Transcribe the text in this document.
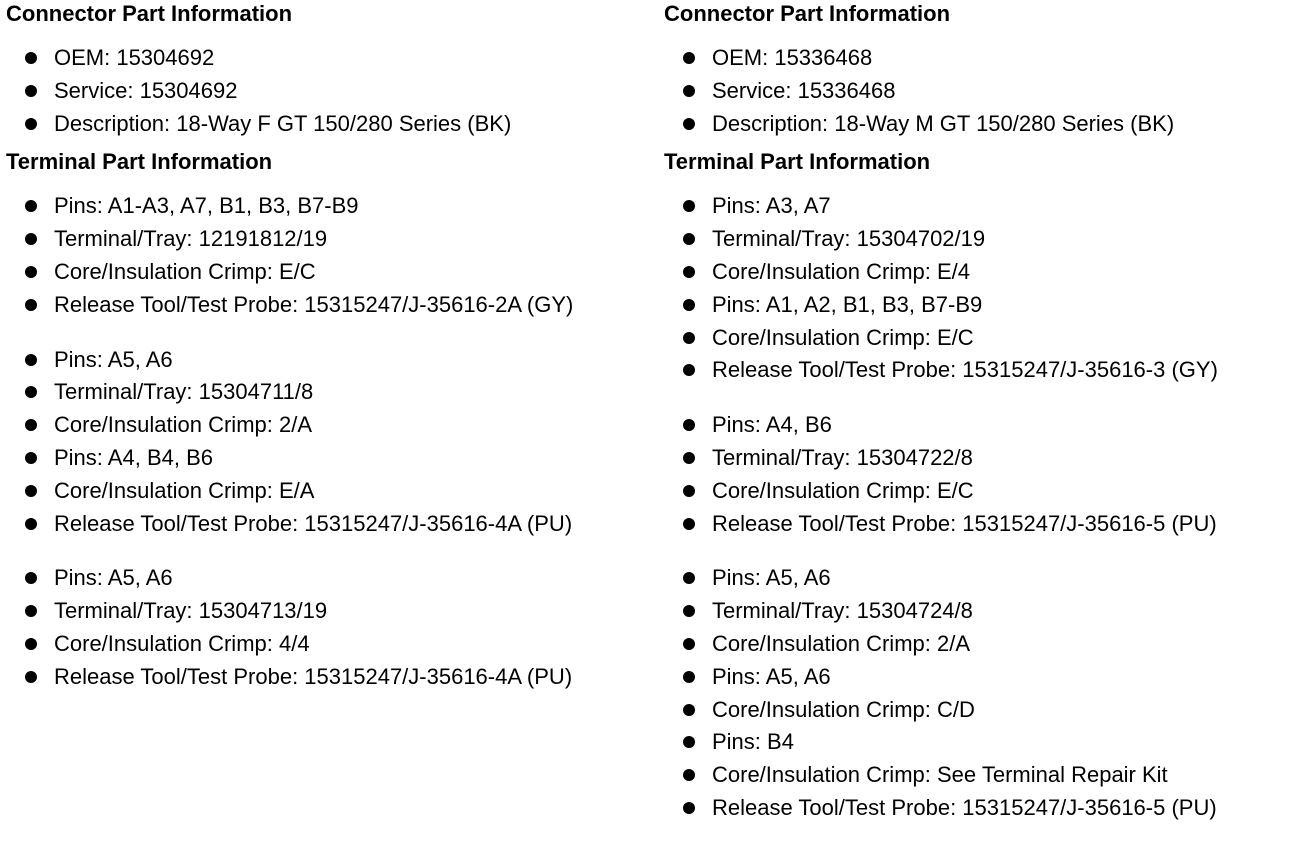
Connector Part Information
OEM: 15304692
Service: 15304692
Description: 18-Way F GT 150/280 Series (BK)
Terminal Part Information
Pins: A1-A3, A7, B1, B3, B7-B9
Terminal/Tray: 12191812/19
Core/Insulation Crimp: E/C
Release Tool/Test Probe: 15315247/J-35616-2A (GY)
Pins: A5, A6
Terminal/Tray: 15304711/8
Core/Insulation Crimp: 2/A
Pins: A4, B4, B6
Core/Insulation Crimp: E/A
Release Tool/Test Probe: 15315247/J-35616-4A (PU)
Pins: A5, A6
Terminal/Tray: 15304713/19
Core/Insulation Crimp: 4/4
Release Tool/Test Probe: 15315247/J-35616-4A (PU)
Connector Part Information
OEM: 15336468
Service: 15336468
Description: 18-Way M GT 150/280 Series (BK)
Terminal Part Information
Pins: A3, A7
Terminal/Tray: 15304702/19
Core/Insulation Crimp: E/4
Pins: A1, A2, B1, B3, B7-B9
Core/Insulation Crimp: E/C
Release Tool/Test Probe: 15315247/J-35616-3 (GY)
Pins: A4, B6
Terminal/Tray: 15304722/8
Core/Insulation Crimp: E/C
Release Tool/Test Probe: 15315247/J-35616-5 (PU)
Pins: A5, A6
Terminal/Tray: 15304724/8
Core/Insulation Crimp: 2/A
Pins: A5, A6
Core/Insulation Crimp: C/D
Pins: B4
Core/Insulation Crimp: See Terminal Repair Kit
Release Tool/Test Probe: 15315247/J-35616-5 (PU)
